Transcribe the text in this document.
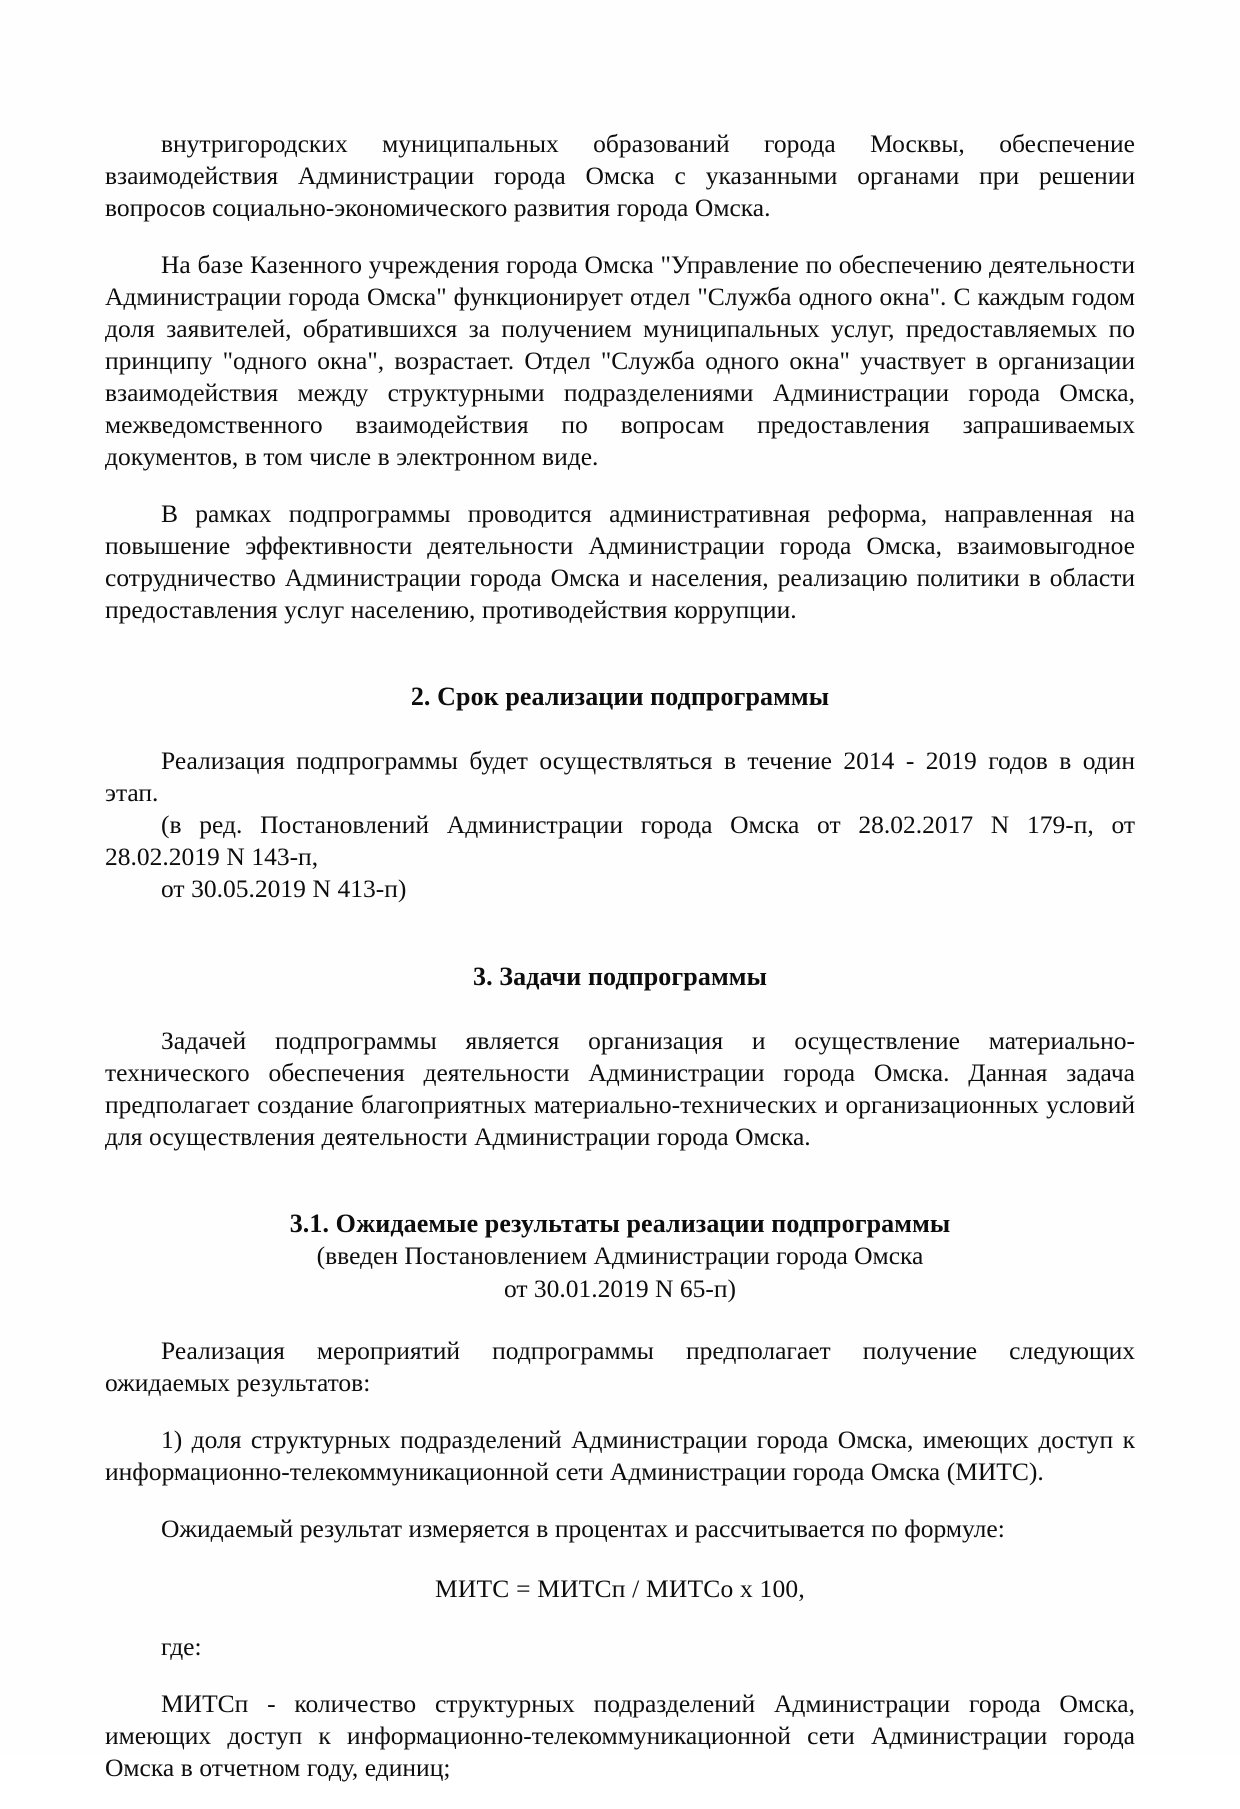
внутригородских муниципальных образований города Москвы, обеспечение взаимодействия Администрации города Омска с указанными органами при решении вопросов социально-экономического развития города Омска.

На базе Казенного учреждения города Омска "Управление по обеспечению деятельности Администрации города Омска" функционирует отдел "Служба одного окна". С каждым годом доля заявителей, обратившихся за получением муниципальных услуг, предоставляемых по принципу "одного окна", возрастает. Отдел "Служба одного окна" участвует в организации взаимодействия между структурными подразделениями Администрации города Омска, межведомственного взаимодействия по вопросам предоставления запрашиваемых документов, в том числе в электронном виде.

В рамках подпрограммы проводится административная реформа, направленная на повышение эффективности деятельности Администрации города Омска, взаимовыгодное сотрудничество Администрации города Омска и населения, реализацию политики в области предоставления услуг населению, противодействия коррупции.

2. Срок реализации подпрограммы

Реализация подпрограммы будет осуществляться в течение 2014 - 2019 годов в один этап.

(в ред. Постановлений Администрации города Омска от 28.02.2017 N 179-п, от 28.02.2019 N 143-п,

от 30.05.2019 N 413-п)

3. Задачи подпрограммы

Задачей подпрограммы является организация и осуществление материально-технического обеспечения деятельности Администрации города Омска. Данная задача предполагает создание благоприятных материально-технических и организационных условий для осуществления деятельности Администрации города Омска.

3.1. Ожидаемые результаты реализации подпрограммы

(введен Постановлением Администрации города Омска

от 30.01.2019 N 65-п)

Реализация мероприятий подпрограммы предполагает получение следующих ожидаемых результатов:

1) доля структурных подразделений Администрации города Омска, имеющих доступ к информационно-телекоммуникационной сети Администрации города Омска (МИТС).

Ожидаемый результат измеряется в процентах и рассчитывается по формуле:

МИТС = МИТСп / МИТСо x 100,

где:

МИТСп - количество структурных подразделений Администрации города Омска, имеющих доступ к информационно-телекоммуникационной сети Администрации города Омска в отчетном году, единиц;
